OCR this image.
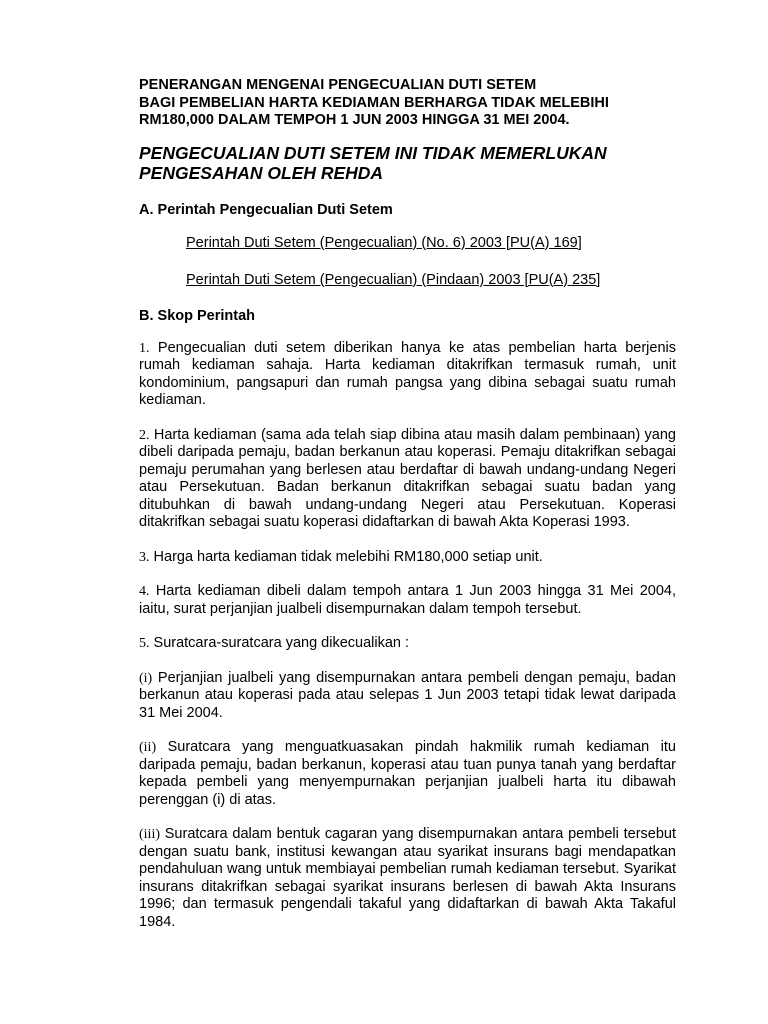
PENERANGAN MENGENAI PENGECUALIAN DUTI SETEM
BAGI PEMBELIAN HARTA KEDIAMAN BERHARGA TIDAK MELEBIHI
RM180,000 DALAM TEMPOH 1 JUN 2003 HINGGA 31 MEI 2004.
PENGECUALIAN DUTI SETEM INI TIDAK MEMERLUKAN
PENGESAHAN OLEH REHDA
A. Perintah Pengecualian Duti Setem
Perintah Duti Setem (Pengecualian) (No. 6) 2003 [PU(A) 169]
Perintah Duti Setem (Pengecualian) (Pindaan) 2003 [PU(A) 235]
B. Skop Perintah

1. Pengecualian duti setem diberikan hanya ke atas pembelian harta berjenis rumah kediaman sahaja. Harta kediaman ditakrifkan termasuk rumah, unit kondominium, pangsapuri dan rumah pangsa yang dibina sebagai suatu rumah kediaman.

2. Harta kediaman (sama ada telah siap dibina atau masih dalam pembinaan) yang dibeli daripada pemaju, badan berkanun atau koperasi. Pemaju ditakrifkan sebagai pemaju perumahan yang berlesen atau berdaftar di bawah undang-undang Negeri atau Persekutuan. Badan berkanun ditakrifkan sebagai suatu badan yang ditubuhkan di bawah undang-undang Negeri atau Persekutuan. Koperasi ditakrifkan sebagai suatu koperasi didaftarkan di bawah Akta Koperasi 1993.

3. Harga harta kediaman tidak melebihi RM180,000 setiap unit.

4. Harta kediaman dibeli dalam tempoh antara 1 Jun 2003 hingga 31 Mei 2004, iaitu, surat perjanjian jualbeli disempurnakan dalam tempoh tersebut.

5. Suratcara-suratcara yang dikecualikan :

(i) Perjanjian jualbeli yang disempurnakan antara pembeli dengan pemaju, badan berkanun atau koperasi pada atau selepas 1 Jun 2003 tetapi tidak lewat daripada 31 Mei 2004.

(ii) Suratcara yang menguatkuasakan pindah hakmilik rumah kediaman itu daripada pemaju, badan berkanun, koperasi atau tuan punya tanah yang berdaftar kepada pembeli yang menyempurnakan perjanjian jualbeli harta itu dibawah perenggan (i) di atas.

(iii) Suratcara dalam bentuk cagaran yang disempurnakan antara pembeli tersebut dengan suatu bank, institusi kewangan atau syarikat insurans bagi mendapatkan pendahuluan wang untuk membiayai pembelian rumah kediaman tersebut. Syarikat insurans ditakrifkan sebagai syarikat insurans berlesen di bawah Akta Insurans 1996; dan termasuk pengendali takaful yang didaftarkan di bawah Akta Takaful 1984.
